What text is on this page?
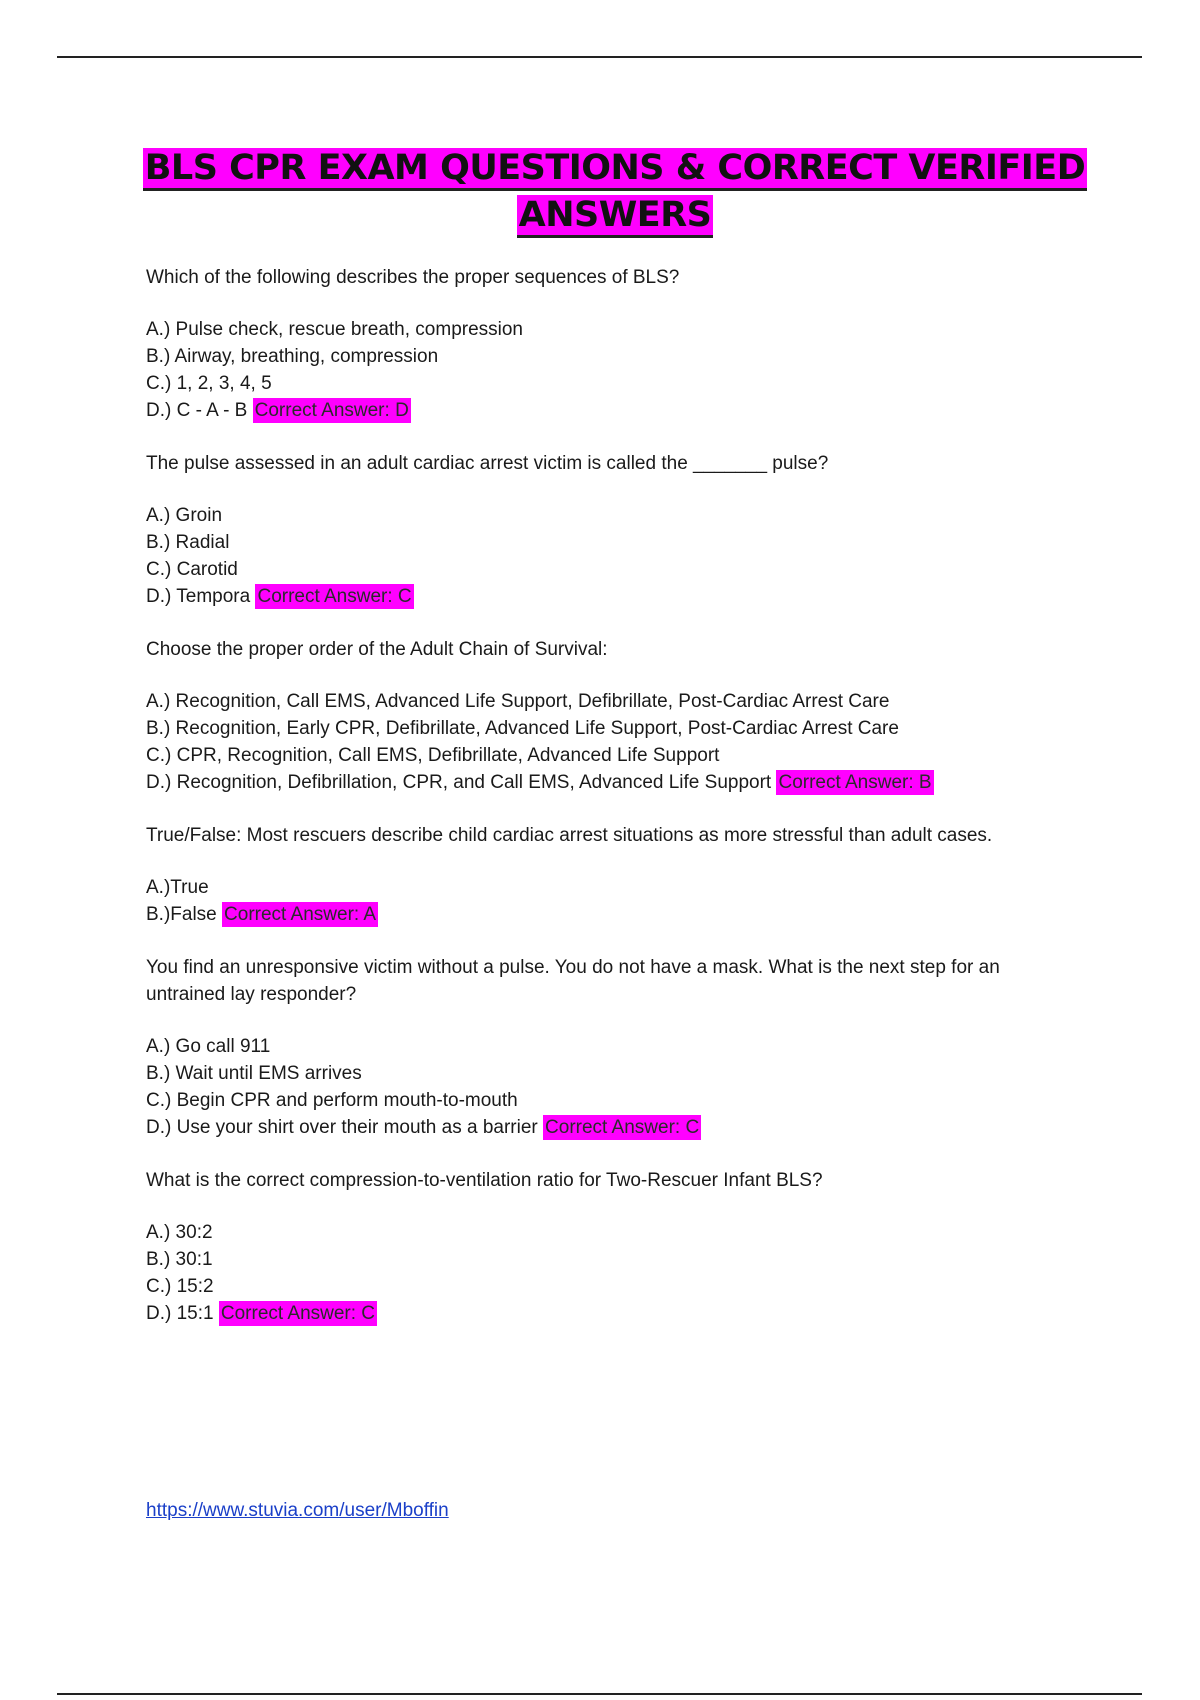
BLS CPR EXAM QUESTIONS & CORRECT VERIFIED
ANSWERS
Which of the following describes the proper sequences of BLS?
A.) Pulse check, rescue breath, compression
B.) Airway, breathing, compression
C.) 1, 2, 3, 4, 5
D.) C - A - B Correct Answer: D
The pulse assessed in an adult cardiac arrest victim is called the _______ pulse?
A.) Groin
B.) Radial
C.) Carotid
D.) Tempora Correct Answer: C
Choose the proper order of the Adult Chain of Survival:
A.) Recognition, Call EMS, Advanced Life Support, Defibrillate, Post-Cardiac Arrest Care
B.) Recognition, Early CPR, Defibrillate, Advanced Life Support, Post-Cardiac Arrest Care
C.) CPR, Recognition, Call EMS, Defibrillate, Advanced Life Support
D.) Recognition, Defibrillation, CPR, and Call EMS, Advanced Life Support Correct Answer: B
True/False: Most rescuers describe child cardiac arrest situations as more stressful than adult cases.
A.)True
B.)False Correct Answer: A
You find an unresponsive victim without a pulse. You do not have a mask. What is the next step for an untrained lay responder?
A.) Go call 911
B.) Wait until EMS arrives
C.) Begin CPR and perform mouth-to-mouth
D.) Use your shirt over their mouth as a barrier Correct Answer: C
What is the correct compression-to-ventilation ratio for Two-Rescuer Infant BLS?
A.) 30:2
B.) 30:1
C.) 15:2
D.) 15:1 Correct Answer: C
https://www.stuvia.com/user/Mboffin
